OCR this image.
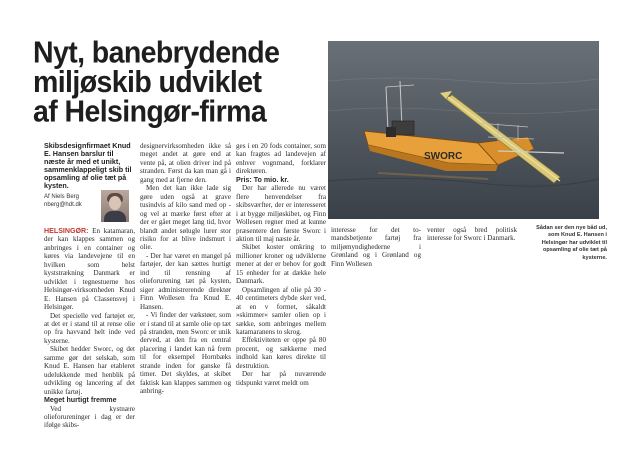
Nyt, banebrydende
miljøskib udviklet
af Helsingør-firma
SWORC
Skibsdesignfirmaet Knud E. Hansen barslur til næste år med et unikt, sammenklappeligt skib til opsamling af olie tæt på kysten.
Af Niels Berg
nberg@hdt.dk

HELSINGØR: En katamaran, der kan klappes sammen og anbringes i en container og køres via landevejene til en hvilken som helst kyststrækning Danmark er udviklet i tegnestuerne hos Helsingør-virksomheden Knud E. Hansen på Classensvej i Helsingør.

Det specielle ved fartøjet er, at det er i stand til at rense olie op fra havvand helt inde ved kysterne.

Skibet hedder Sworc, og det samme gør det selskab, som Knud E. Hansen har etableret udelukkende med henblik på udvikling og lancering af det unikke fartøj.

Meget hurtigt fremme

Ved kystnære olieforureninger i dag er der ifølge skibs-

designervirksomheden ikke så meget andet at gøre end at vente på, at olien driver ind på stranden. Først da kan man gå i gang med at fjerne den.

Men det kan ikke lade sig gøre uden også at grave tusindvis af kilo sand med op - og vel at mærke først efter at der er gået meget lang tid, hvor blandt andet sølugle lurer stor risiko for at blive indsmurt i olie.

- Der har været en mangel på fartøjer, der kan sættes hurtigt ind til rensning af olieforurening tæt på kysten, siger administrerende direktør Finn Wollesen fra Knud E. Hansen.

- Vi finder der vækstøer, som er i stand til at samle olie op tæt på stranden, men Sworc er unik derved, at den fra en central placering i landet kan nå frem til for eksempel Hornbæks strande inden for ganske få timer. Det skyldes, at skibet faktisk kan klappes sammen og anbring-

ges i en 20 fods container, som kan fragtes ad landevejen af enhver vognmand, forklarer direktøren.

Pris: To mio. kr.

Der har allerede nu været flere henvendelser fra skibsværfter, der er interesseret i at bygge miljøskibet, og Finn Wollesen regner med at kunne præsentere den første Sworc i aktion til maj næste år.

Skibet koster omkring to millioner kroner og udviklerne mener at der er behov for godt 15 enheder for at dække hele Danmark.

Opsamlingen af olie på 30 - 40 centimeters dybde sker ved, at en v formet, såkaldt »skimmer« samler olien op i sække, som anbringes mellem katamaranens to skrog.

Effektiviteten er oppe på 80 procent, og sækkerne med indhold kan køres direkte til destruktion.

Der har på nuværende tidspunkt været meldt om

interesse for det to-mandsbetjente fartøj fra miljømyndighederne i Grønland og i Grønland og Finn Wollesen

venter også bred politisk interesse for Sworc i Danmark.

Sådan ser den nye båd ud, som Knud E. Hansen i Helsingør har udviklet til opsamling af olie tæt på kysterne.
